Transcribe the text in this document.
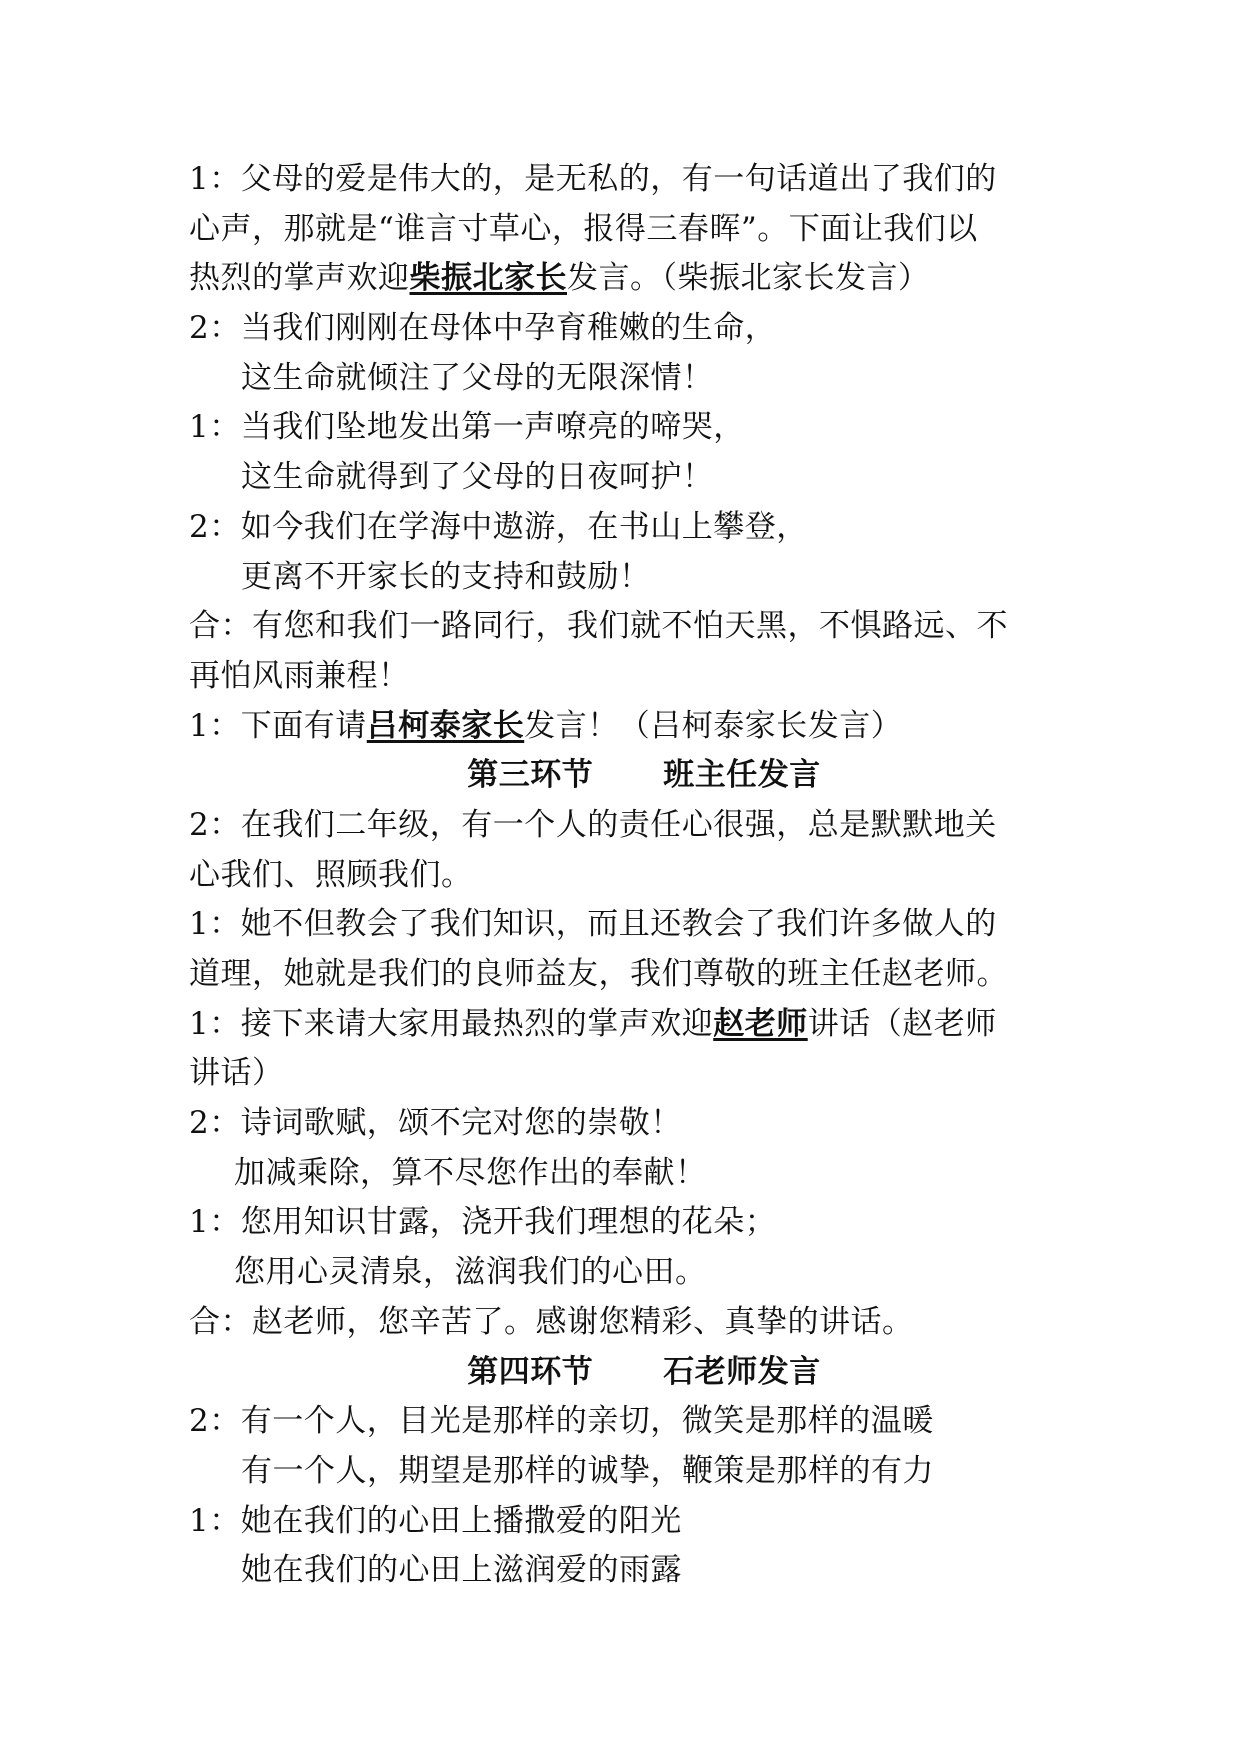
1：父母的爱是伟大的，是无私的，有一句话道出了我们的
心声，那就是“谁言寸草心，报得三春晖”。下面让我们以
热烈的掌声欢迎柴振北家长发言。（柴振北家长发言）
2：当我们刚刚在母体中孕育稚嫩的生命，
这生命就倾注了父母的无限深情！
1：当我们坠地发出第一声嘹亮的啼哭，
这生命就得到了父母的日夜呵护！
2：如今我们在学海中遨游，在书山上攀登，
更离不开家长的支持和鼓励！
合：有您和我们一路同行，我们就不怕天黑，不惧路远、不
再怕风雨兼程！
1：下面有请吕柯泰家长发言！（吕柯泰家长发言）
第三环节 班主任发言
2：在我们二年级，有一个人的责任心很强，总是默默地关
心我们、照顾我们。
1：她不但教会了我们知识，而且还教会了我们许多做人的
道理，她就是我们的良师益友，我们尊敬的班主任赵老师。
1：接下来请大家用最热烈的掌声欢迎赵老师讲话（赵老师
讲话）
2：诗词歌赋，颂不完对您的崇敬！
加减乘除，算不尽您作出的奉献！
1：您用知识甘露，浇开我们理想的花朵；
您用心灵清泉，滋润我们的心田。
合：赵老师，您辛苦了。感谢您精彩、真挚的讲话。
第四环节 石老师发言
2：有一个人，目光是那样的亲切，微笑是那样的温暖
有一个人，期望是那样的诚挚，鞭策是那样的有力
1：她在我们的心田上播撒爱的阳光
她在我们的心田上滋润爱的雨露
